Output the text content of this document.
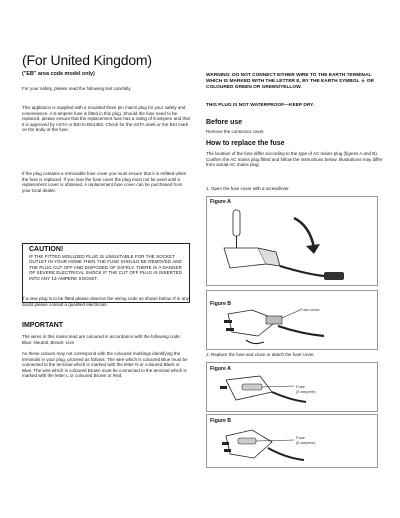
(For United Kingdom)

("EB" area code model only)

For your safety, please read the following text carefully.

This appliance is supplied with a moulded three pin mains plug for your safety and convenience. A 5-ampere fuse is fitted in this plug. Should the fuse need to be replaced, please ensure that the replacement fuse has a rating of 5-ampere and that it is approved by ASTA or BSI to BS1362. Check for the ASTA mark or the BSI mark on the body of the fuse.

If the plug contains a removable fuse cover you must ensure that it is refitted when the fuse is replaced. If you lose the fuse cover the plug must not be used until a replacement cover is obtained. A replacement fuse cover can be purchased from your local dealer.

CAUTION!

IF THE FITTED MOULDED PLUG IS UNSUITABLE FOR THE SOCKET OUTLET IN YOUR HOME THEN THE FUSE SHOULD BE REMOVED AND THE PLUG CUT OFF AND DISPOSED OF SAFELY. THERE IS A DANGER OF SEVERE ELECTRICAL SHOCK IF THE CUT OFF PLUG IS INSERTED INTO ANY 13-AMPERE SOCKET.

If a new plug is to be fitted please observe the wiring code as shown below. If in any doubt please consult a qualified electrician.

IMPORTANT

The wires in this mains lead are coloured in accordance with the following code: Blue: Neutral, Brown: Live

As these colours may not correspond with the coloured markings identifying the terminals in your plug, proceed as follows: The wire which is coloured Blue must be connected to the terminal which is marked with the letter N or coloured Black or Blue. The wire which is coloured Brown must be connected to the terminal which is marked with the letter L or coloured Brown or Red.

WARNING: DO NOT CONNECT EITHER WIRE TO THE EARTH TERMINAL WHICH IS MARKED WITH THE LETTER E, BY THE EARTH SYMBOL ⏚ OR COLOURED GREEN OR GREEN/YELLOW.

THIS PLUG IS NOT WATERPROOF—KEEP DRY.

Before use

Remove the connector cover.

How to replace the fuse

The location of the fuse differ according to the type of AC mains plug (figures A and B). Confirm the AC mains plug fitted and follow the instructions below. Illustrations may differ from actual AC mains plug.

1. Open the fuse cover with a screwdriver.

Figure A
Figure B
Fuse cover

2. Replace the fuse and close or attach the fuse cover.

Figure A
Fuse
(5 ampere)
Figure B
Fuse
(5 ampere)
